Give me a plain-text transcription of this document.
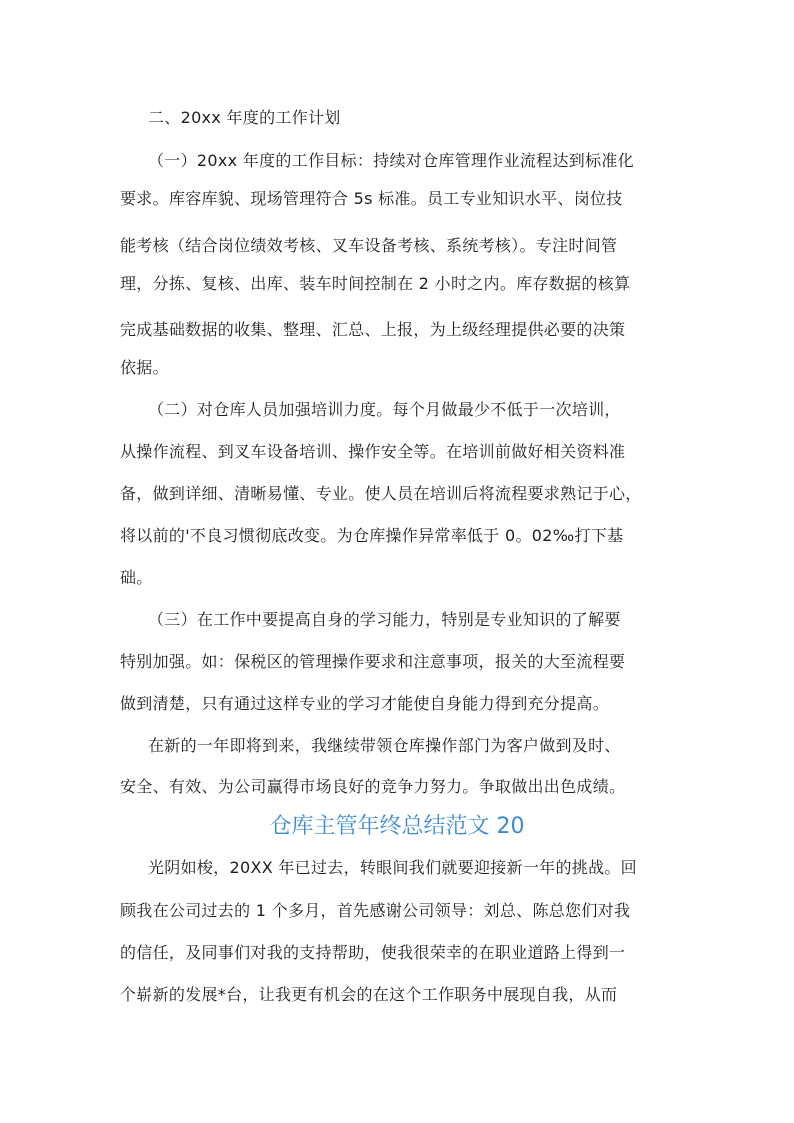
二、20xx 年度的工作计划

（一）20xx 年度的工作目标：持续对仓库管理作业流程达到标准化

要求。库容库貌、现场管理符合 5s 标准。员工专业知识水平、岗位技

能考核（结合岗位绩效考核、叉车设备考核、系统考核）。专注时间管

理，分拣、复核、出库、装车时间控制在 2 小时之内。库存数据的核算

完成基础数据的收集、整理、汇总、上报，为上级经理提供必要的决策

依据。

（二）对仓库人员加强培训力度。每个月做最少不低于一次培训，

从操作流程、到叉车设备培训、操作安全等。在培训前做好相关资料准

备，做到详细、清晰易懂、专业。使人员在培训后将流程要求熟记于心，

将以前的'不良习惯彻底改变。为仓库操作异常率低于 0。02‰打下基

础。

（三）在工作中要提高自身的学习能力，特别是专业知识的了解要

特别加强。如：保税区的管理操作要求和注意事项，报关的大至流程要

做到清楚，只有通过这样专业的学习才能使自身能力得到充分提高。

在新的一年即将到来，我继续带领仓库操作部门为客户做到及时、

安全、有效、为公司赢得市场良好的竞争力努力。争取做出出色成绩。

仓库主管年终总结范文 20

光阴如梭，20XX 年已过去，转眼间我们就要迎接新一年的挑战。回

顾我在公司过去的 1 个多月，首先感谢公司领导：刘总、陈总您们对我

的信任，及同事们对我的支持帮助，使我很荣幸的在职业道路上得到一

个崭新的发展*台，让我更有机会的在这个工作职务中展现自我，从而
